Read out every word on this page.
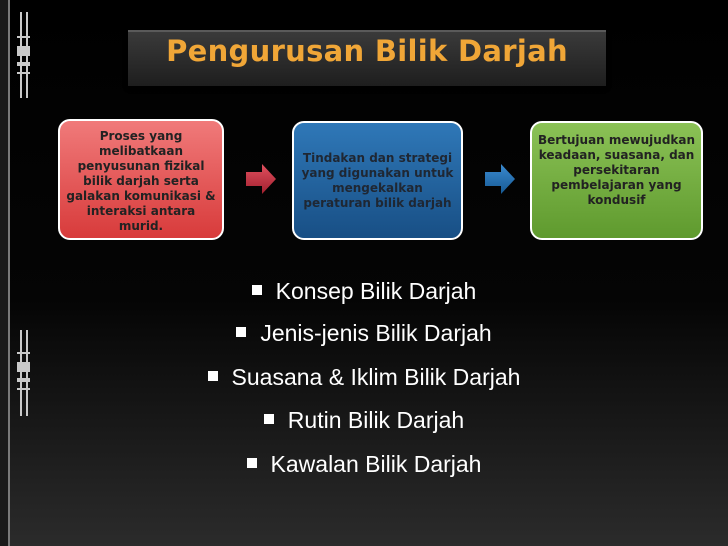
Pengurusan Bilik Darjah
Proses yang melibatkaan penyusunan fizikal bilik darjah serta galakan komunikasi & interaksi antara murid.
Tindakan dan strategi yang digunakan untuk mengekalkan peraturan bilik darjah
Bertujuan mewujudkan keadaan, suasana, dan persekitaran pembelajaran yang kondusif
Konsep Bilik Darjah
Jenis-jenis Bilik Darjah
Suasana & Iklim Bilik Darjah
Rutin Bilik Darjah
Kawalan Bilik Darjah
